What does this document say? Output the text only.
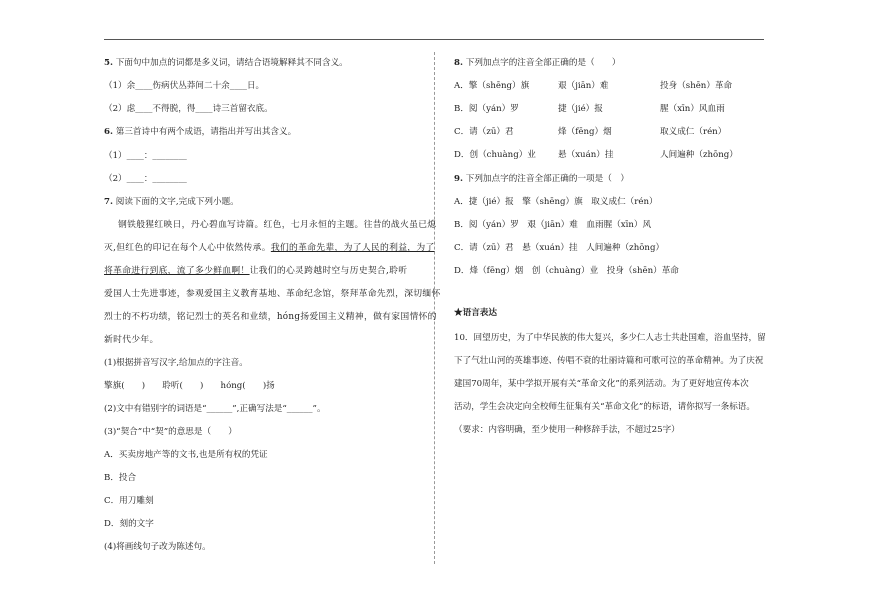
5. 下面句中加点的词都是多义词，请结合语境解释其不同含义。
（1）余____伤病伏丛莽间二十余____日。
（2）虑____不得脱，得____诗三首留衣底。
6. 第三首诗中有两个成语，请指出并写出其含义。
（1）____：________
（2）____：________
7. 阅读下面的文字,完成下列小题。
钢铁般猩红映日，丹心碧血写诗篇。红色，七月永恒的主题。往昔的战火虽已熄
灭,但红色的印记在每个人心中依然传承。我们的革命先辈，为了人民的利益，为了
将革命进行到底，流了多少鲜血啊！让我们的心灵跨越时空与历史契合,聆听
爱国人士先进事迹，参观爱国主义教育基地、革命纪念馆，祭拜革命先烈，深切缅怀
烈士的不朽功绩，铭记烈士的英名和业绩，hóng扬爱国主义精神，做有家国情怀的
新时代少年。
(1)根据拼音写汉字,给加点的字注音。
擎旗(　　)　　聆听(　　)　　hóng(　　)扬
(2)文中有错别字的词语是“______”,正确写法是“______”。
(3)“契合”中“契”的意思是（　　）
A．买卖房地产等的文书,也是所有权的凭证
B．投合
C．用刀雕刻
D．刻的文字
(4)将画线句子改为陈述句。
8. 下列加点字的注音全部正确的是（　　）
A．擎（shēng）旗	艰（jiān）难	投身（shēn）革命
B．阅（yán）罗	捷（jié）报	腥（xīn）风血雨
C．请（zū）君	烽（fēng）烟	取义成仁（rén）
D．创（chuàng）业	悬（xuán）挂	人间遍种（zhōng）
9. 下列加点字的注音全部正确的一项是（　）
A．捷（jié）报　擎（shēng）旗　取义成仁（rén）
B．阅（yán）罗　艰（jiān）难　血雨腥（xīn）风
C．请（zū）君　悬（xuán）挂　人间遍种（zhōng）
D．烽（fēng）烟　创（chuàng）业　投身（shēn）革命
★语言表达
10．回望历史，为了中华民族的伟大复兴，多少仁人志士共赴国难，浴血坚持，留
下了气壮山河的英雄事迹、传唱不衰的壮丽诗篇和可歌可泣的革命精神。为了庆祝
建国70周年，某中学拟开展有关“革命文化”的系列活动。为了更好地宣传本次
活动，学生会决定向全校师生征集有关“革命文化”的标语，请你拟写一条标语。
（要求：内容明确，至少使用一种修辞手法，不超过25字）
